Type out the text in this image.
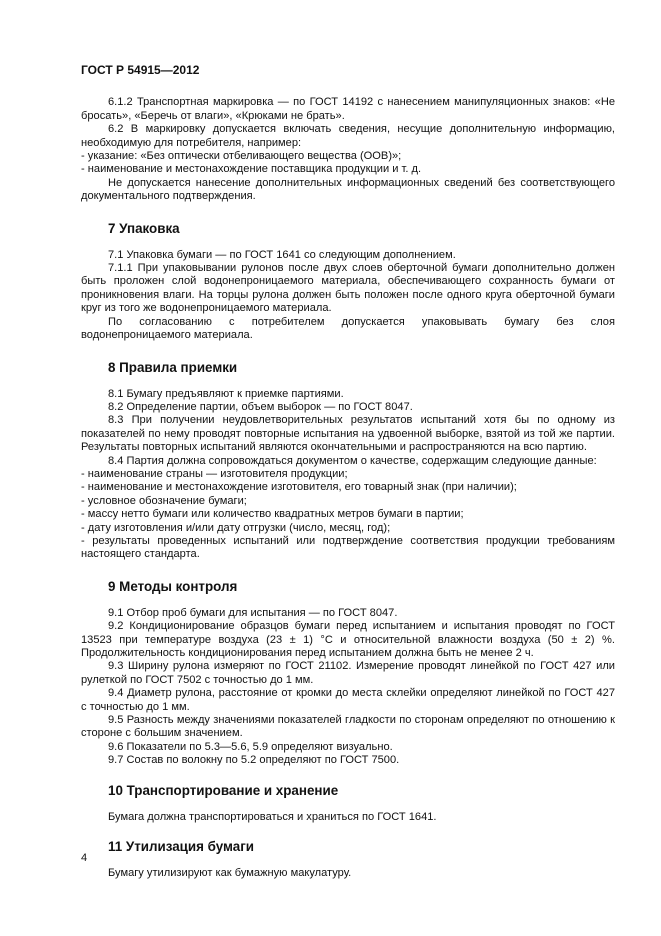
ГОСТ Р 54915—2012

6.1.2 Транспортная маркировка — по ГОСТ 14192 с нанесением манипуляционных знаков: «Не бросать», «Беречь от влаги», «Крюками не брать».

6.2 В маркировку допускается включать сведения, несущие дополнительную информацию, необходимую для потребителя, например:

- указание: «Без оптически отбеливающего вещества (ООВ)»;

- наименование и местонахождение поставщика продукции и т. д.

Не допускается нанесение дополнительных информационных сведений без соответствующего документального подтверждения.

7 Упаковка

7.1 Упаковка бумаги — по ГОСТ 1641 со следующим дополнением.

7.1.1 При упаковывании рулонов после двух слоев оберточной бумаги дополнительно должен быть проложен слой водонепроницаемого материала, обеспечивающего сохранность бумаги от проникновения влаги. На торцы рулона должен быть положен после одного круга оберточной бумаги круг из того же водонепроницаемого материала.

По согласованию с потребителем допускается упаковывать бумагу без слоя водонепроницаемого материала.

8 Правила приемки

8.1 Бумагу предъявляют к приемке партиями.

8.2 Определение партии, объем выборок — по ГОСТ 8047.

8.3 При получении неудовлетворительных результатов испытаний хотя бы по одному из показателей по нему проводят повторные испытания на удвоенной выборке, взятой из той же партии. Результаты повторных испытаний являются окончательными и распространяются на всю партию.

8.4 Партия должна сопровождаться документом о качестве, содержащим следующие данные:

- наименование страны — изготовителя продукции;

- наименование и местонахождение изготовителя, его товарный знак (при наличии);

- условное обозначение бумаги;

- массу нетто бумаги или количество квадратных метров бумаги в партии;

- дату изготовления и/или дату отгрузки (число, месяц, год);

- результаты проведенных испытаний или подтверждение соответствия продукции требованиям настоящего стандарта.

9 Методы контроля

9.1 Отбор проб бумаги для испытания — по ГОСТ 8047.

9.2 Кондиционирование образцов бумаги перед испытанием и испытания проводят по ГОСТ 13523 при температуре воздуха (23 ± 1) °С и относительной влажности воздуха (50 ± 2) %. Продолжительность кондиционирования перед испытанием должна быть не менее 2 ч.

9.3 Ширину рулона измеряют по ГОСТ 21102. Измерение проводят линейкой по ГОСТ 427 или рулеткой по ГОСТ 7502 с точностью до 1 мм.

9.4 Диаметр рулона, расстояние от кромки до места склейки определяют линейкой по ГОСТ 427 с точностью до 1 мм.

9.5 Разность между значениями показателей гладкости по сторонам определяют по отношению к стороне с большим значением.

9.6 Показатели по 5.3—5.6, 5.9 определяют визуально.

9.7 Состав по волокну по 5.2 определяют по ГОСТ 7500.

10 Транспортирование и хранение

Бумага должна транспортироваться и храниться по ГОСТ 1641.

11 Утилизация бумаги

Бумагу утилизируют как бумажную макулатуру.

4
